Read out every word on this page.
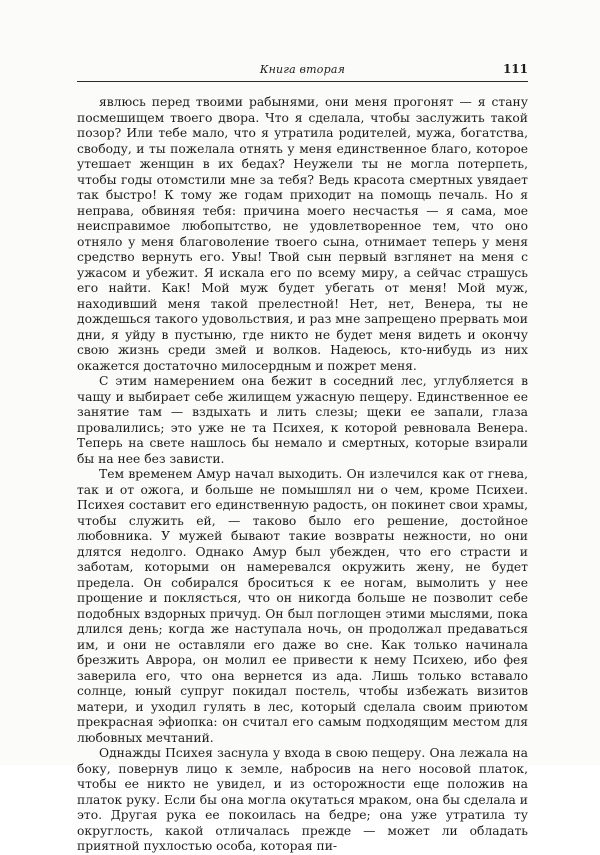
Книга вторая	111

явлюсь перед твоими рабынями, они меня прогонят — я стану посмешищем твоего двора. Что я сделала, чтобы заслужить такой позор? Или тебе мало, что я утратила родителей, мужа, богатства, свободу, и ты пожелала отнять у меня единственное благо, которое утешает женщин в их бедах? Неужели ты не могла потерпеть, чтобы годы отомстили мне за тебя? Ведь красота смертных увядает так быстро! К тому же годам приходит на помощь печаль. Но я неправа, обвиняя тебя: причина моего несчастья — я сама, мое неисправимое любопытство, не удовлетворенное тем, что оно отняло у меня благоволение твоего сына, отнимает теперь у меня средство вернуть его. Увы! Твой сын первый взглянет на меня с ужасом и убежит. Я искала его по всему миру, а сейчас страшусь его найти. Как! Мой муж будет убегать от меня! Мой муж, находивший меня такой прелестной! Нет, нет, Венера, ты не дождешься такого удовольствия, и раз мне запрещено прервать мои дни, я уйду в пустыню, где никто не будет меня видеть и окончу свою жизнь среди змей и волков. Надеюсь, кто-нибудь из них окажется достаточно милосердным и пожрет меня.

С этим намерением она бежит в соседний лес, углубляется в чащу и выбирает себе жилищем ужасную пещеру. Единственное ее занятие там — вздыхать и лить слезы; щеки ее запали, глаза провалились; это уже не та Психея, к которой ревновала Венера. Теперь на свете нашлось бы немало и смертных, которые взирали бы на нее без зависти.

Тем временем Амур начал выходить. Он излечился как от гнева, так и от ожога, и больше не помышлял ни о чем, кроме Психеи. Психея составит его единственную радость, он покинет свои храмы, чтобы служить ей, — таково было его решение, достойное любовника. У мужей бывают такие возвраты нежности, но они длятся недолго. Однако Амур был убежден, что его страсти и заботам, которыми он намеревался окружить жену, не будет предела. Он собирался броситься к ее ногам, вымолить у нее прощение и поклясться, что он никогда больше не позволит себе подобных вздорных причуд. Он был поглощен этими мыслями, пока длился день; когда же наступала ночь, он продолжал предаваться им, и они не оставляли его даже во сне. Как только начинала брезжить Аврора, он молил ее привести к нему Психею, ибо фея заверила его, что она вернется из ада. Лишь только вставало солнце, юный супруг покидал постель, чтобы избежать визитов матери, и уходил гулять в лес, который сделала своим приютом прекрасная эфиопка: он считал его самым подходящим местом для любовных мечтаний.

Однажды Психея заснула у входа в свою пещеру. Она лежала на боку, повернув лицо к земле, набросив на него носовой платок, чтобы ее никто не увидел, и из осторожности еще положив на платок руку. Если бы она могла окутаться мраком, она бы сделала и это. Другая рука ее покоилась на бедре; она уже утратила ту округлость, какой отличалась прежде — может ли обладать приятной пухлостью особа, которая пи-
